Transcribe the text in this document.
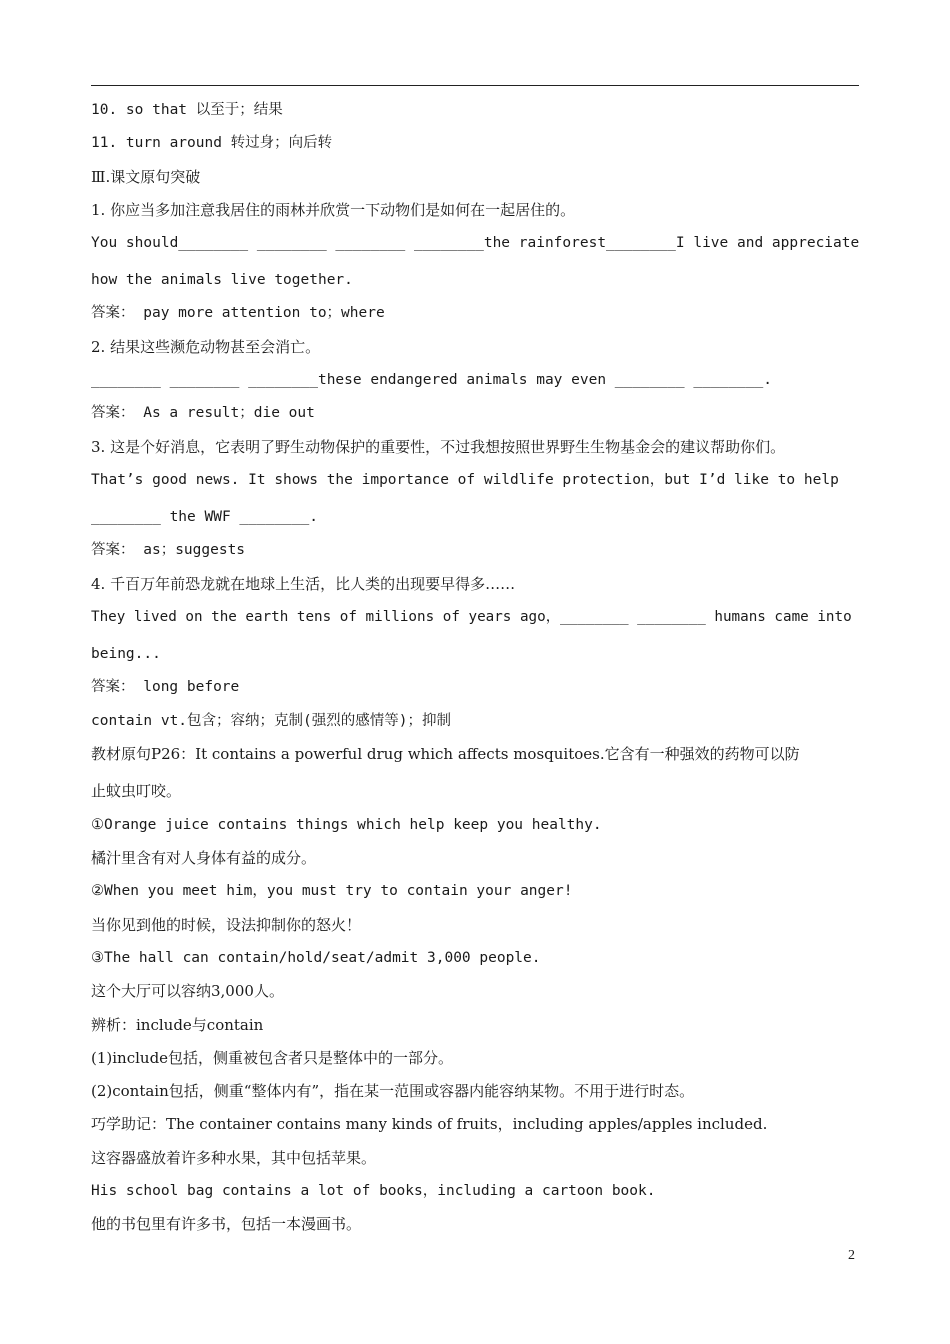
10. so that 以至于；结果
11. turn around 转过身；向后转
Ⅲ.课文原句突破
1. 你应当多加注意我居住的雨林并欣赏一下动物们是如何在一起居住的。
You should________ ________ ________ ________the rainforest________I live and appreciate
how the animals live together.
答案： pay more attention to；where
2. 结果这些濒危动物甚至会消亡。
________ ________ ________these endangered animals may even ________ ________.
答案： As a result；die out
3. 这是个好消息，它表明了野生动物保护的重要性，不过我想按照世界野生生物基金会的建议帮助你们。
That’s good news. It shows the importance of wildlife protection，but I’d like to help
________ the WWF ________.
答案： as；suggests
4. 千百万年前恐龙就在地球上生活，比人类的出现要早得多……
They lived on the earth tens of millions of years ago，________ ________ humans came into
being...
答案： long before
contain vt.包含；容纳；克制(强烈的感情等)；抑制
教材原句P26：It contains a powerful drug which affects mosquitoes.它含有一种强效的药物可以防
止蚊虫叮咬。
①Orange juice contains things which help keep you healthy.
橘汁里含有对人身体有益的成分。
②When you meet him，you must try to contain your anger!
当你见到他的时候，设法抑制你的怒火！
③The hall can contain/hold/seat/admit 3,000 people.
这个大厅可以容纳3,000人。
辨析：include与contain
(1)include包括，侧重被包含者只是整体中的一部分。
(2)contain包括，侧重“整体内有”，指在某一范围或容器内能容纳某物。不用于进行时态。
巧学助记：The container contains many kinds of fruits，including apples/apples included.
这容器盛放着许多种水果，其中包括苹果。
His school bag contains a lot of books，including a cartoon book.
他的书包里有许多书，包括一本漫画书。
2
